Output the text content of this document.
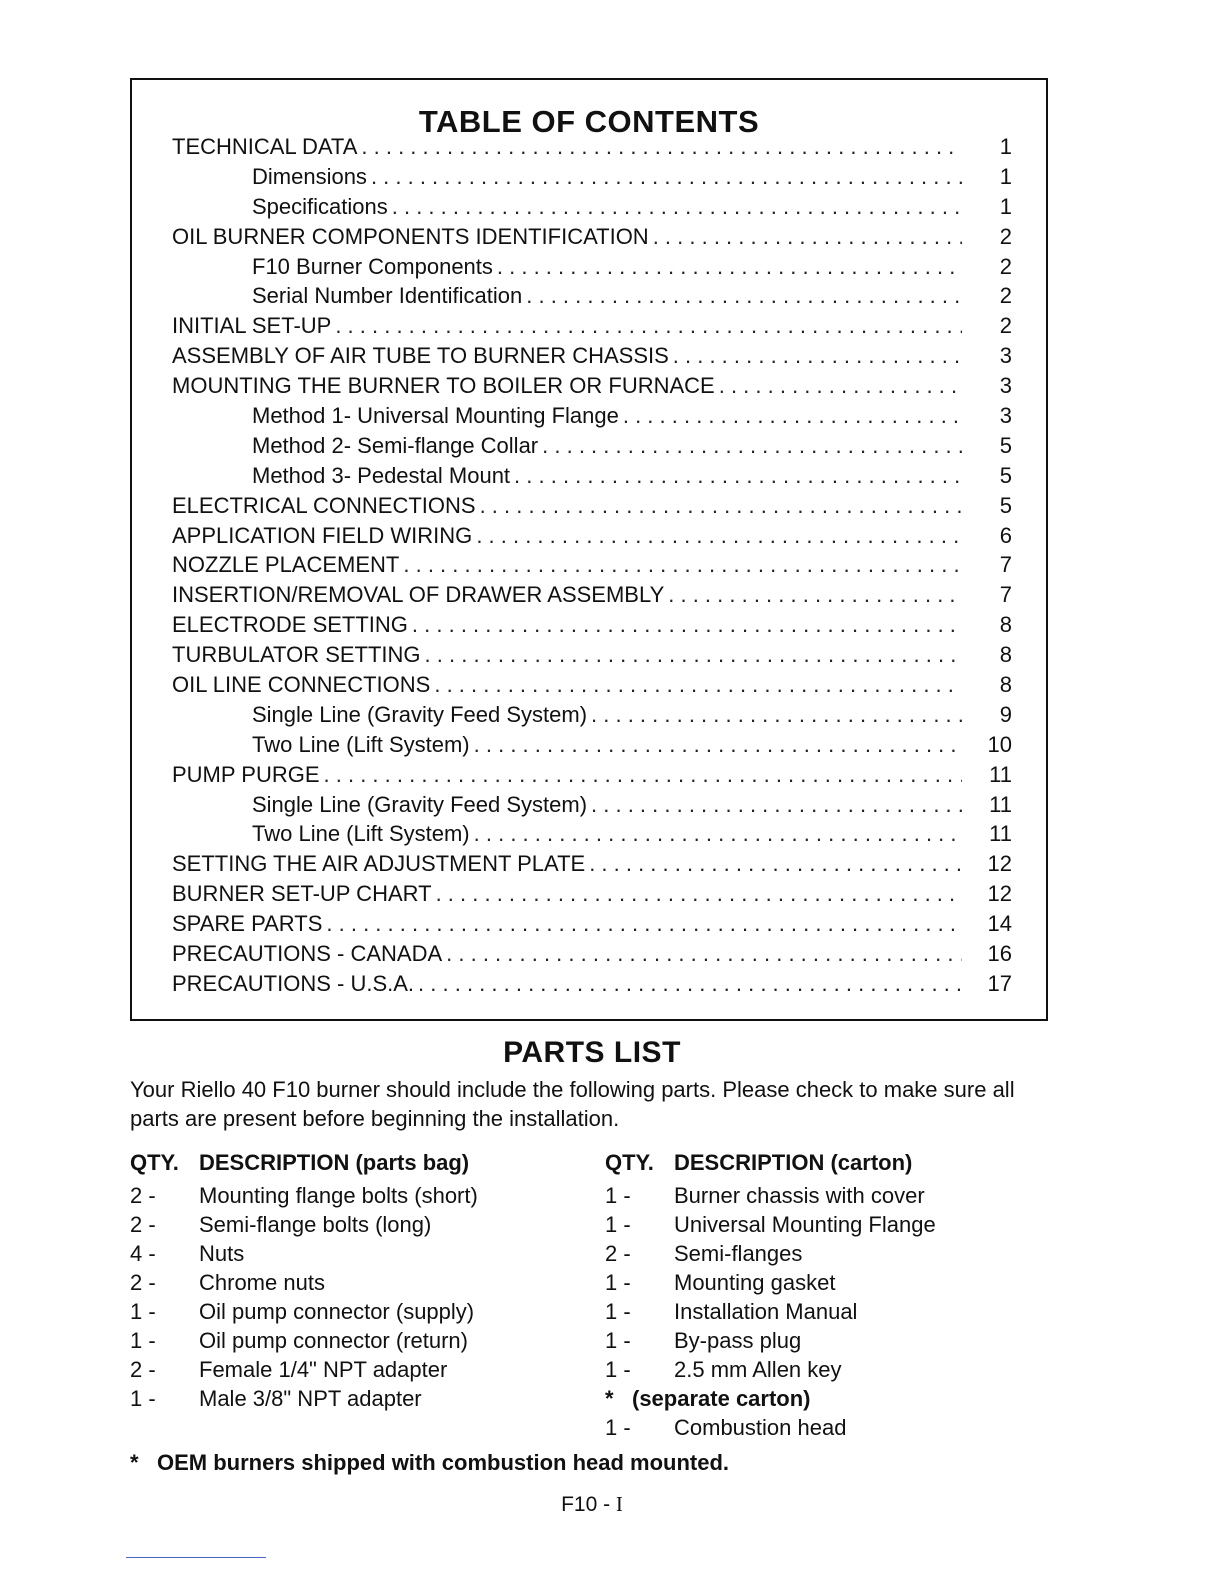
TABLE OF CONTENTS
TECHNICAL DATA . . .	1
Dimensions . . .	1
Specifications . . .	1
OIL BURNER COMPONENTS IDENTIFICATION . . .	2
F10 Burner Components . . .	2
Serial Number Identification . . .	2
INITIAL SET-UP . . .	2
ASSEMBLY OF AIR TUBE TO BURNER CHASSIS . . .	3
MOUNTING THE BURNER TO BOILER OR FURNACE . . .	3
Method 1- Universal Mounting Flange . . .	3
Method 2- Semi-flange Collar . . .	5
Method 3- Pedestal Mount . . .	5
ELECTRICAL CONNECTIONS . . .	5
APPLICATION FIELD WIRING . . .	6
NOZZLE PLACEMENT . . .	7
INSERTION/REMOVAL OF DRAWER ASSEMBLY . . .	7
ELECTRODE SETTING . . .	8
TURBULATOR SETTING . . .	8
OIL LINE CONNECTIONS . . .	8
Single Line (Gravity Feed System) . . .	9
Two Line (Lift System) . . .	10
PUMP PURGE . . .	11
Single Line (Gravity Feed System) . . .	11
Two Line (Lift System) . . .	11
SETTING THE AIR ADJUSTMENT PLATE . . .	12
BURNER SET-UP CHART . . .	12
SPARE PARTS . . .	14
PRECAUTIONS - CANADA . . .	16
PRECAUTIONS - U.S.A. . . .	17
PARTS LIST
Your Riello 40 F10 burner should include the following parts. Please check to make sure all parts are present before beginning the installation.
QTY. DESCRIPTION (parts bag)
2 -	Mounting flange bolts (short)
2 -	Semi-flange bolts (long)
4 -	Nuts
2 -	Chrome nuts
1 -	Oil pump connector (supply)
1 -	Oil pump connector (return)
2 -	Female 1/4" NPT adapter
1 -	Male 3/8" NPT adapter
QTY. DESCRIPTION (carton)
1 -	Burner chassis with cover
1 -	Universal Mounting Flange
2 -	Semi-flanges
1 -	Mounting gasket
1 -	Installation Manual
1 -	By-pass plug
1 -	2.5 mm Allen key
* (separate carton)
1 -	Combustion head
* OEM burners shipped with combustion head mounted.
F10 - I
